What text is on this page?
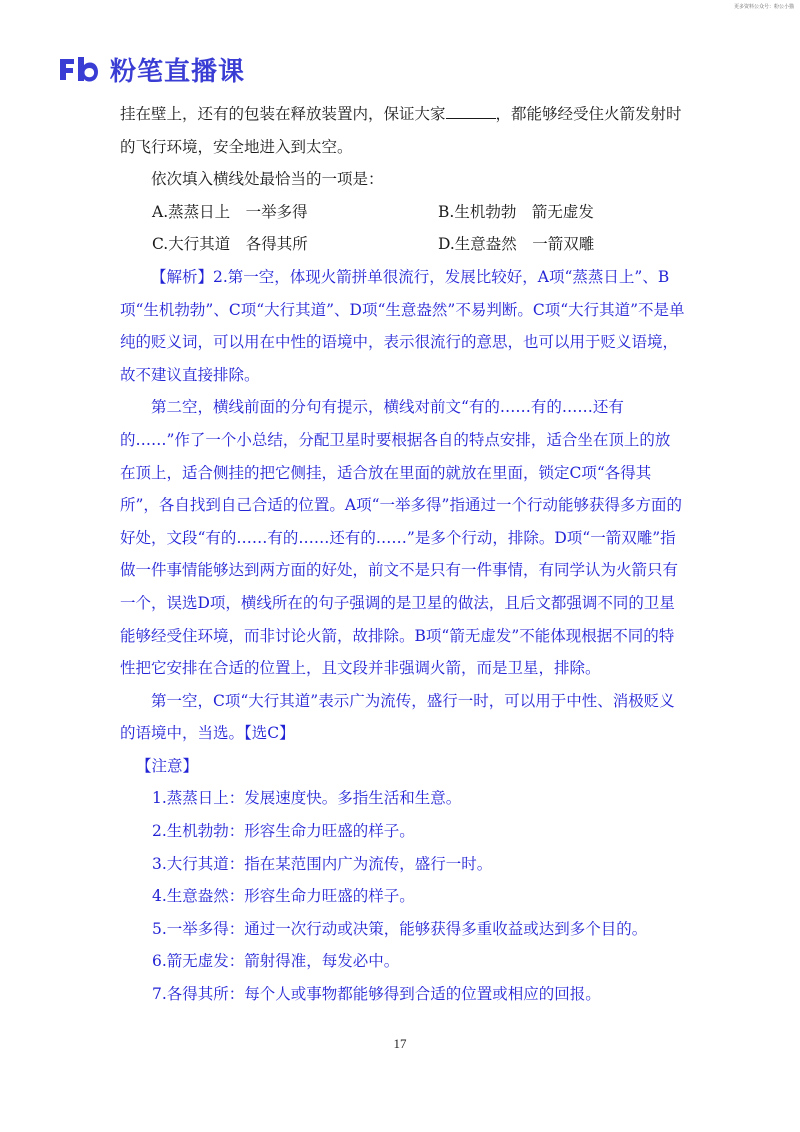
更多资料公众号：粉公小猫
粉笔直播课

挂在壁上，还有的包装在释放装置内，保证大家	，都能够经受住火箭发射时的飞行环境，安全地进入到太空。

依次填入横线处最恰当的一项是：

A.蒸蒸日上　一举多得	B.生机勃勃　箭无虚发
C.大行其道　各得其所	D.生意盎然　一箭双雕

【解析】2.第一空，体现火箭拼单很流行，发展比较好，A项“蒸蒸日上”、B项“生机勃勃”、C项“大行其道”、D项“生意盎然”不易判断。C项“大行其道”不是单纯的贬义词，可以用在中性的语境中，表示很流行的意思，也可以用于贬义语境，故不建议直接排除。

第二空，横线前面的分句有提示，横线对前文“有的……有的……还有的……”作了一个小总结，分配卫星时要根据各自的特点安排，适合坐在顶上的放在顶上，适合侧挂的把它侧挂，适合放在里面的就放在里面，锁定C项“各得其所”，各自找到自己合适的位置。A项“一举多得”指通过一个行动能够获得多方面的好处，文段“有的……有的……还有的……”是多个行动，排除。D项“一箭双雕”指做一件事情能够达到两方面的好处，前文不是只有一件事情，有同学认为火箭只有一个，误选D项，横线所在的句子强调的是卫星的做法，且后文都强调不同的卫星能够经受住环境，而非讨论火箭，故排除。B项“箭无虚发”不能体现根据不同的特性把它安排在合适的位置上，且文段并非强调火箭，而是卫星，排除。

第一空，C项“大行其道”表示广为流传，盛行一时，可以用于中性、消极贬义的语境中，当选。【选C】

【注意】

1.蒸蒸日上：发展速度快。多指生活和生意。

2.生机勃勃：形容生命力旺盛的样子。

3.大行其道：指在某范围内广为流传，盛行一时。

4.生意盎然：形容生命力旺盛的样子。

5.一举多得：通过一次行动或决策，能够获得多重收益或达到多个目的。

6.箭无虚发：箭射得准，每发必中。

7.各得其所：每个人或事物都能够得到合适的位置或相应的回报。

17
